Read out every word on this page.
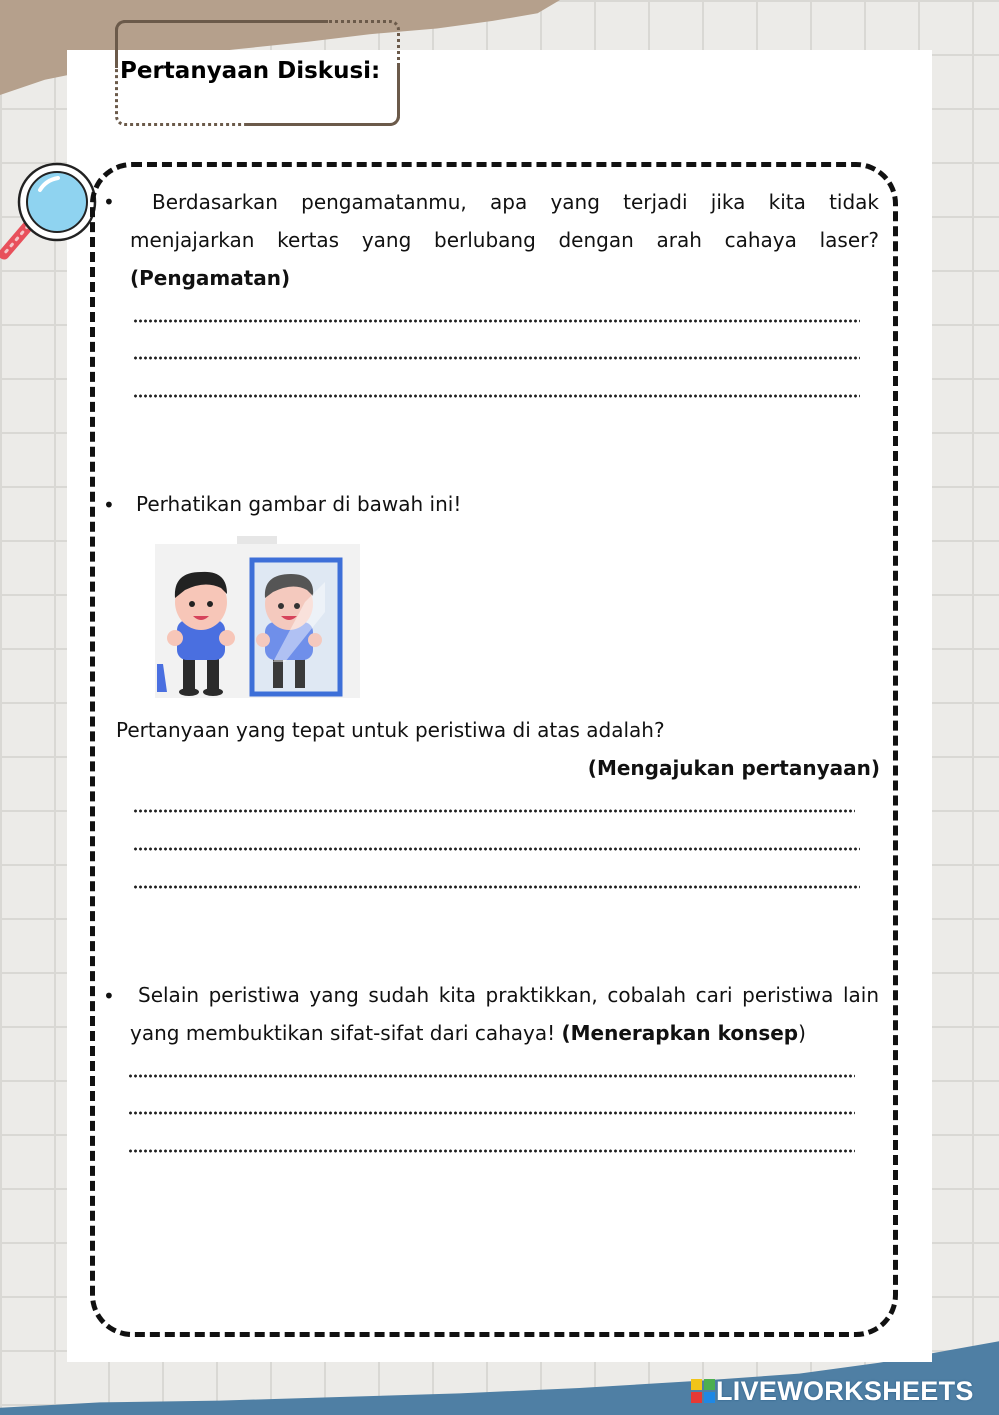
Pertanyaan Diskusi:
• Berdasarkan pengamatanmu, apa yang terjadi jika kita tidak
menjajarkan kertas yang berlubang dengan arah cahaya laser?
(Pengamatan)
• Perhatikan gambar di bawah ini!
Pertanyaan yang tepat untuk peristiwa di atas adalah?
(Mengajukan pertanyaan)
• Selain peristiwa yang sudah kita praktikkan, cobalah cari peristiwa lain
yang membuktikan sifat-sifat dari cahaya! (Menerapkan konsep)
LIVEWORKSHEETS
